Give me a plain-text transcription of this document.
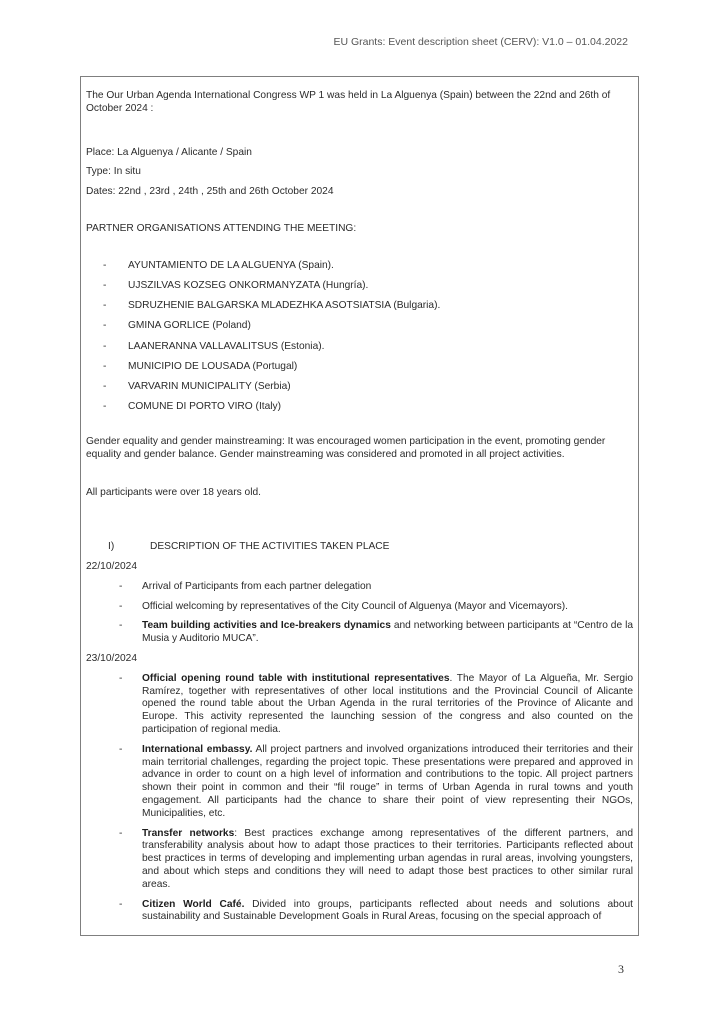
EU Grants: Event description sheet (CERV): V1.0 – 01.04.2022

The Our Urban Agenda International Congress WP 1 was held in La Alguenya (Spain) between the 22nd and 26th of October 2024 :

Place: La Alguenya / Alicante / Spain

Type: In situ

Dates: 22nd , 23rd , 24th , 25th and 26th October 2024

PARTNER ORGANISATIONS ATTENDING THE MEETING:

- AYUNTAMIENTO DE LA ALGUENYA (Spain).
- UJSZILVAS KOZSEG ONKORMANYZATA (Hungría).
- SDRUZHENIE BALGARSKA MLADEZHKA ASOTSIATSIA (Bulgaria).
- GMINA GORLICE (Poland)
- LAANERANNA VALLAVALITSUS (Estonia).
- MUNICIPIO DE LOUSADA (Portugal)
- VARVARIN MUNICIPALITY (Serbia)
- COMUNE DI PORTO VIRO (Italy)

Gender equality and gender mainstreaming: It was encouraged women participation in the event, promoting gender equality and gender balance. Gender mainstreaming was considered and promoted in all project activities.

All participants were over 18 years old.

I)	DESCRIPTION OF THE ACTIVITIES TAKEN PLACE

22/10/2024

- Arrival of Participants from each partner delegation
- Official welcoming by representatives of the City Council of Alguenya (Mayor and Vicemayors).
- Team building activities and Ice-breakers dynamics and networking between participants at “Centro de la Musia y Auditorio MUCA”.

23/10/2024

- Official opening round table with institutional representatives. The Mayor of La Algueña, Mr. Sergio Ramírez, together with representatives of other local institutions and the Provincial Council of Alicante opened the round table about the Urban Agenda in the rural territories of the Province of Alicante and Europe. This activity represented the launching session of the congress and also counted on the participation of regional media.
- International embassy. All project partners and involved organizations introduced their territories and their main territorial challenges, regarding the project topic. These presentations were prepared and approved in advance in order to count on a high level of information and contributions to the topic. All project partners shown their point in common and their “fil rouge” in terms of Urban Agenda in rural towns and youth engagement. All participants had the chance to share their point of view representing their NGOs, Municipalities, etc.
- Transfer networks: Best practices exchange among representatives of the different partners, and transferability analysis about how to adapt those practices to their territories. Participants reflected about best practices in terms of developing and implementing urban agendas in rural areas, involving youngsters, and about which steps and conditions they will need to adapt those best practices to other similar rural areas.
- Citizen World Café. Divided into groups, participants reflected about needs and solutions about sustainability and Sustainable Development Goals in Rural Areas, focusing on the special approach of
3
